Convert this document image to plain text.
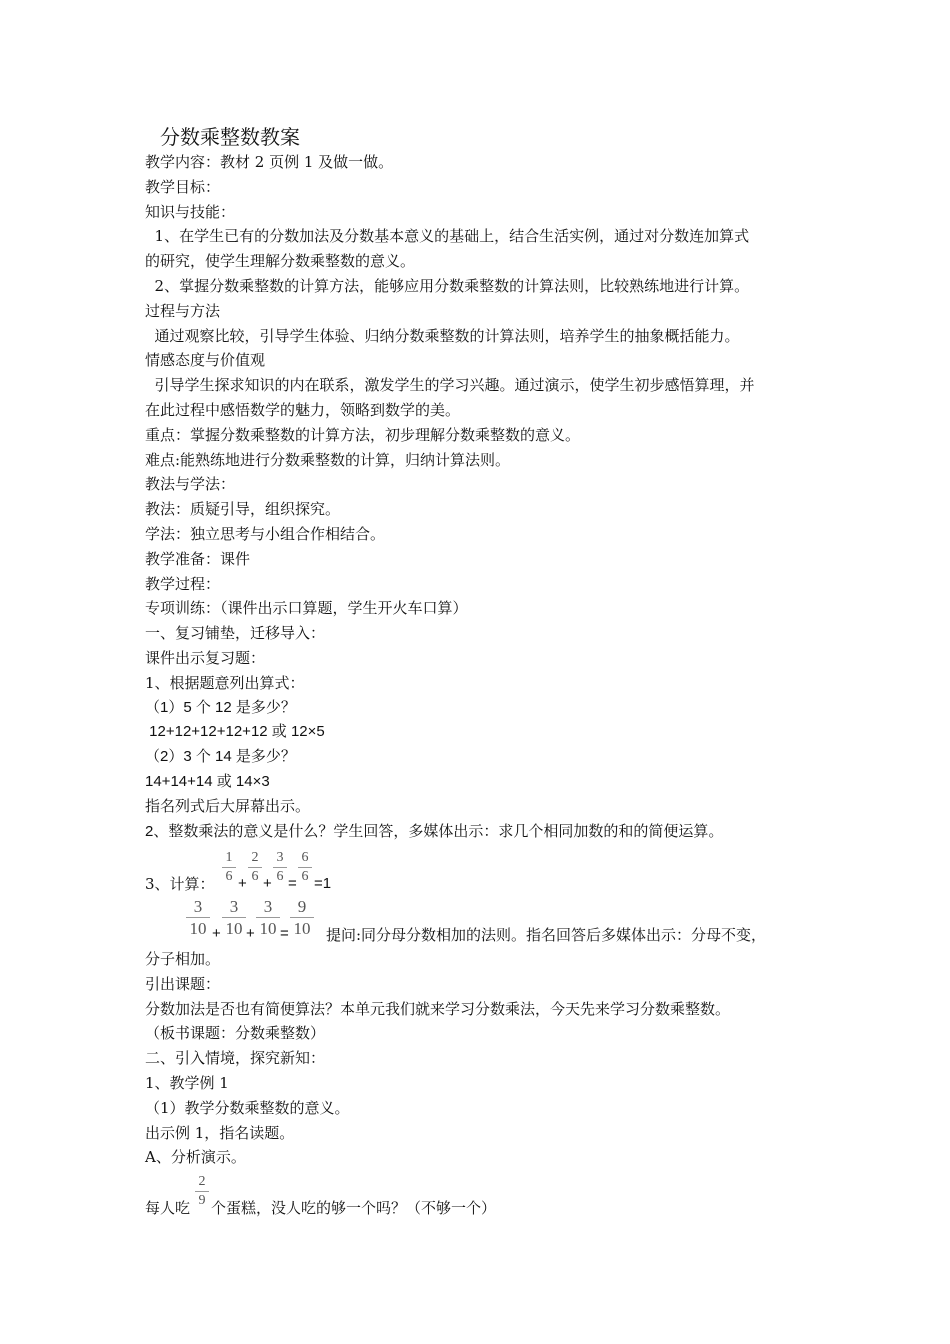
分数乘整数教案
教学内容：教材 2 页例 1 及做一做。
教学目标：
知识与技能：
1、在学生已有的分数加法及分数基本意义的基础上，结合生活实例，通过对分数连加算式
的研究，使学生理解分数乘整数的意义。
2、掌握分数乘整数的计算方法，能够应用分数乘整数的计算法则，比较熟练地进行计算。
过程与方法
通过观察比较，引导学生体验、归纳分数乘整数的计算法则，培养学生的抽象概括能力。
情感态度与价值观
引导学生探求知识的内在联系，激发学生的学习兴趣。通过演示，使学生初步感悟算理，并
在此过程中感悟数学的魅力，领略到数学的美。
重点：掌握分数乘整数的计算方法，初步理解分数乘整数的意义。
难点:能熟练地进行分数乘整数的计算，归纳计算法则。
教法与学法：
教法：质疑引导，组织探究。
学法：独立思考与小组合作相结合。
教学准备：课件
教学过程：
专项训练：（课件出示口算题，学生开火车口算）
一、复习铺垫，迁移导入：
课件出示复习题：
1、根据题意列出算式：
（1）5 个 12 是多少？
12+12+12+12+12 或 12×5
（2）3 个 14 是多少？
14+14+14 或 14×3
指名列式后大屏幕出示。
2、整数乘法的意义是什么？学生回答，多媒体出示：求几个相同加数的和的简便运算。
3、计算：
1
6 +
2
6 +
3
6 =
6
6 =1
3
10 +
3
10 +
3
10 =
9
10 提问:同分母分数相加的法则。指名回答后多媒体出示：分母不变，
分子相加。
引出课题：
分数加法是否也有简便算法？本单元我们就来学习分数乘法，今天先来学习分数乘整数。
（板书课题：分数乘整数）
二、引入情境，探究新知：
1、教学例 1
（1）教学分数乘整数的意义。
出示例 1，指名读题。
A、分析演示。
每人吃
2
9 个蛋糕，没人吃的够一个吗？（不够一个）
